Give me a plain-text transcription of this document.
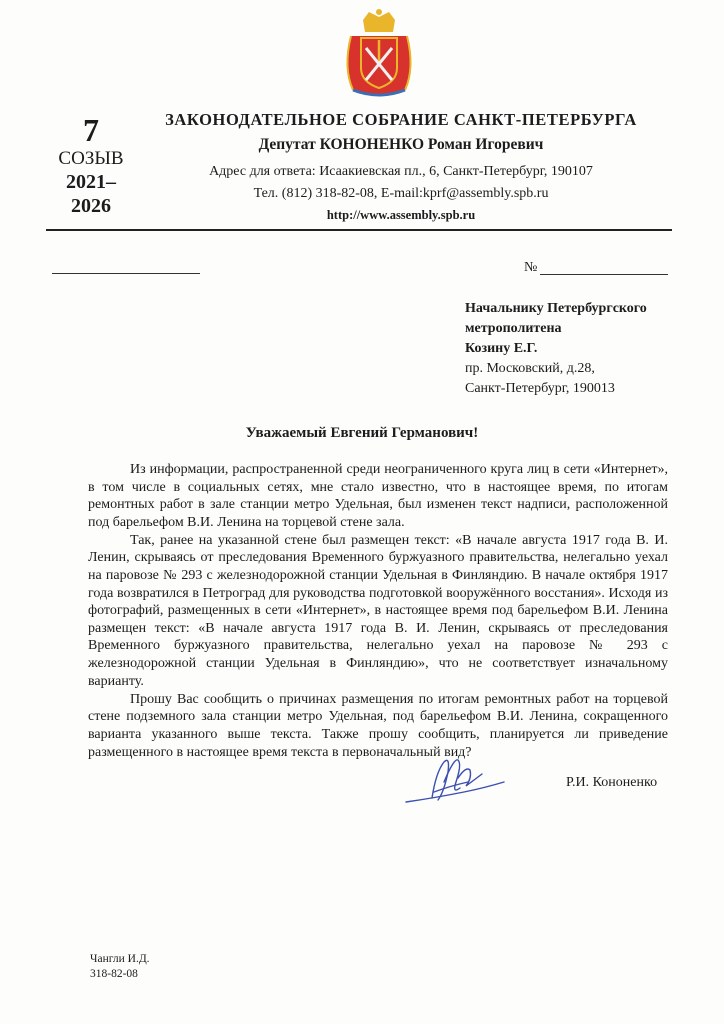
7
СОЗЫВ
2021–
2026
ЗАКОНОДАТЕЛЬНОЕ СОБРАНИЕ САНКТ-ПЕТЕРБУРГА
Депутат КОНОНЕНКО Роман Игоревич
Адрес для ответа: Исаакиевская пл., 6, Санкт-Петербург, 190107
Тел. (812) 318-82-08, E-mail:kprf@assembly.spb.ru
http://www.assembly.spb.ru
№
Начальнику Петербургского
метрополитена
Козину Е.Г.
пр. Московский, д.28,
Санкт-Петербург, 190013
Уважаемый Евгений Германович!

Из информации, распространенной среди неограниченного круга лиц в сети «Интернет», в том числе в социальных сетях, мне стало известно, что в настоящее время, по итогам ремонтных работ в зале станции метро Удельная, был изменен текст надписи, расположенной под барельефом В.И. Ленина на торцевой стене зала.

Так, ранее на указанной стене был размещен текст: «В начале августа 1917 года В. И. Ленин, скрываясь от преследования Временного буржуазного правительства, нелегально уехал на паровозе № 293 с железнодорожной станции Удельная в Финляндию. В начале октября 1917 года возвратился в Петроград для руководства подготовкой вооружённого восстания». Исходя из фотографий, размещенных в сети «Интернет», в настоящее время под барельефом В.И. Ленина размещен текст: «В начале августа 1917 года В. И. Ленин, скрываясь от преследования Временного буржуазного правительства, нелегально уехал на паровозе № 293 с железнодорожной станции Удельная в Финляндию», что не соответствует изначальному варианту.

Прошу Вас сообщить о причинах размещения по итогам ремонтных работ на торцевой стене подземного зала станции метро Удельная, под барельефом В.И. Ленина, сокращенного варианта указанного выше текста. Также прошу сообщить, планируется ли приведение размещенного в настоящее время текста в первоначальный вид?

Р.И. Кононенко
Чангли И.Д.
318-82-08
